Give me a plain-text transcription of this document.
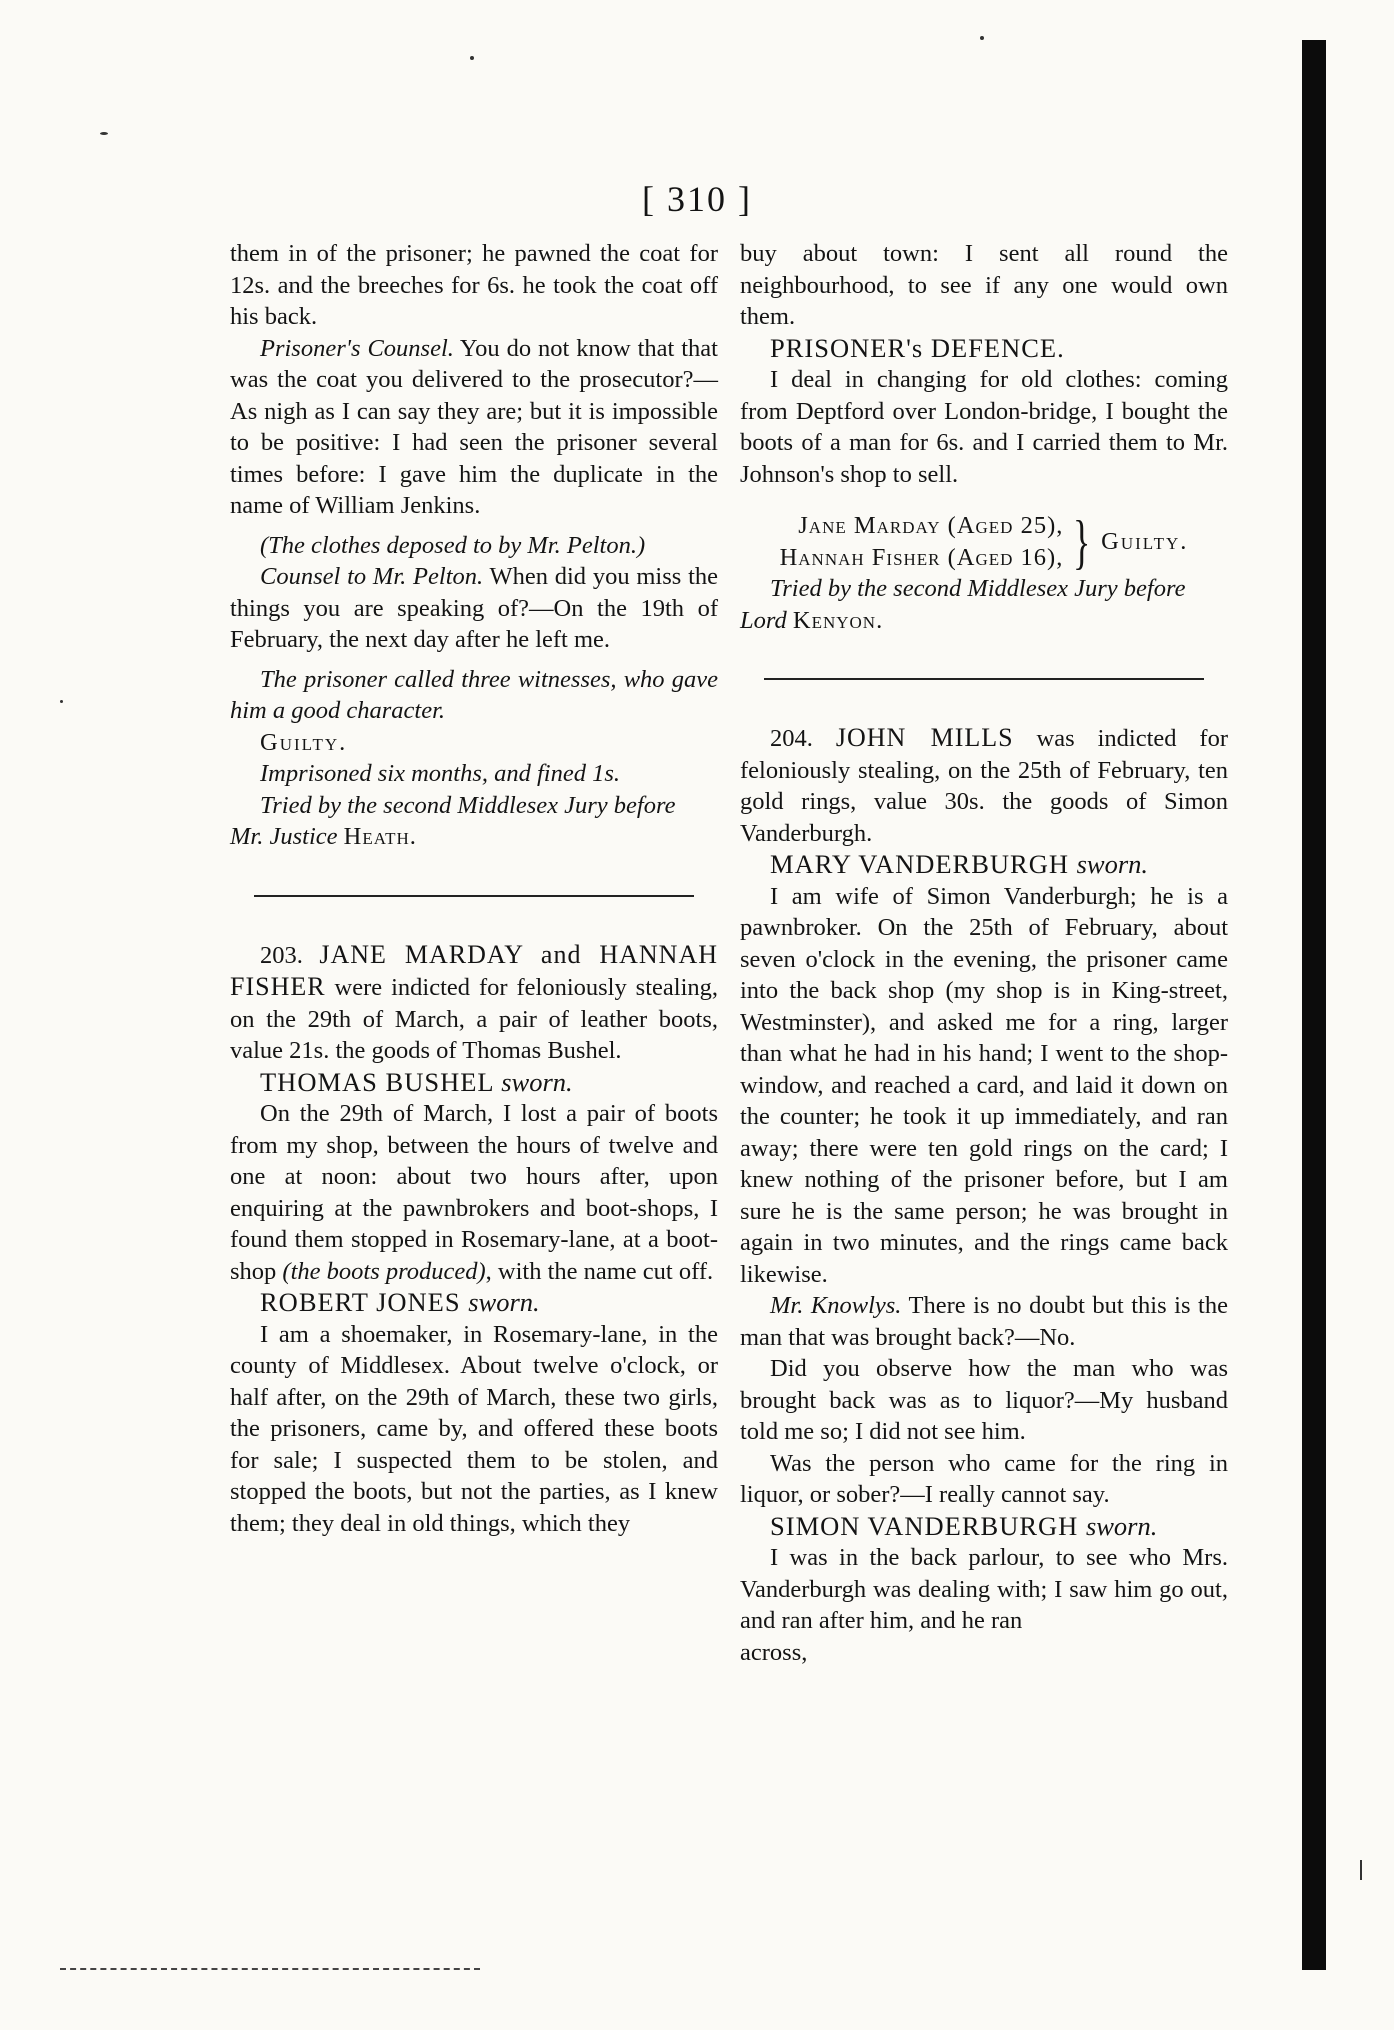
[ 310 ]

them in of the prisoner; he pawned the coat for 12s. and the breeches for 6s. he took the coat off his back.

Prisoner's Counsel. You do not know that that was the coat you delivered to the prosecutor?—As nigh as I can say they are; but it is impossible to be positive: I had seen the prisoner several times before: I gave him the duplicate in the name of William Jenkins.

(The clothes deposed to by Mr. Pelton.)

Counsel to Mr. Pelton. When did you miss the things you are speaking of?—On the 19th of February, the next day after he left me.

The prisoner called three witnesses, who gave him a good character.

Guilty.

Imprisoned six months, and fined 1s.

Tried by the second Middlesex Jury before
Mr. Justice Heath.

203. JANE MARDAY and HANNAH FISHER were indicted for feloniously stealing, on the 29th of March, a pair of leather boots, value 21s. the goods of Thomas Bushel.

THOMAS BUSHEL sworn.

On the 29th of March, I lost a pair of boots from my shop, between the hours of twelve and one at noon: about two hours after, upon enquiring at the pawnbrokers and boot-shops, I found them stopped in Rosemary-lane, at a boot-shop (the boots produced), with the name cut off.

ROBERT JONES sworn.

I am a shoemaker, in Rosemary-lane, in the county of Middlesex. About twelve o'clock, or half after, on the 29th of March, these two girls, the prisoners, came by, and offered these boots for sale; I suspected them to be stolen, and stopped the boots, but not the parties, as I knew them; they deal in old things, which they

buy about town: I sent all round the neighbourhood, to see if any one would own them.

PRISONER's DEFENCE.

I deal in changing for old clothes: coming from Deptford over London-bridge, I bought the boots of a man for 6s. and I carried them to Mr. Johnson's shop to sell.

Jane Marday (Aged 25),
Hannah Fisher (Aged 16), } Guilty.

Tried by the second Middlesex Jury before
Lord Kenyon.

204. JOHN MILLS was indicted for feloniously stealing, on the 25th of February, ten gold rings, value 30s. the goods of Simon Vanderburgh.

MARY VANDERBURGH sworn.

I am wife of Simon Vanderburgh; he is a pawnbroker. On the 25th of February, about seven o'clock in the evening, the prisoner came into the back shop (my shop is in King-street, Westminster), and asked me for a ring, larger than what he had in his hand; I went to the shop-window, and reached a card, and laid it down on the counter; he took it up immediately, and ran away; there were ten gold rings on the card; I knew nothing of the prisoner before, but I am sure he is the same person; he was brought in again in two minutes, and the rings came back likewise.

Mr. Knowlys. There is no doubt but this is the man that was brought back?—No.

Did you observe how the man who was brought back was as to liquor?—My husband told me so; I did not see him.

Was the person who came for the ring in liquor, or sober?—I really cannot say.

SIMON VANDERBURGH sworn.

I was in the back parlour, to see who Mrs. Vanderburgh was dealing with; I saw him go out, and ran after him, and he ran

across,
